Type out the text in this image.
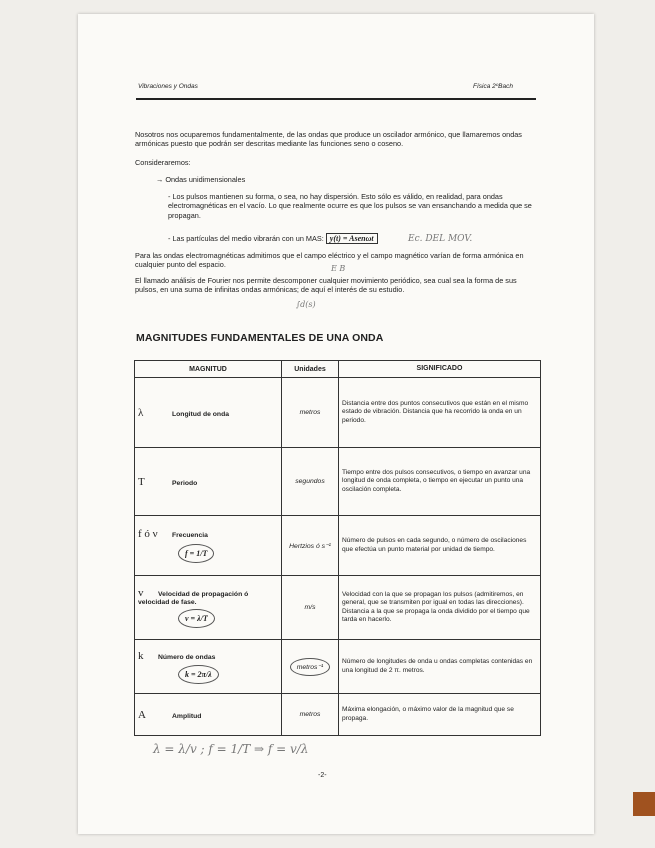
Vibraciones y Ondas	Física 2ºBach
Nosotros nos ocuparemos fundamentalmente, de las ondas que produce un oscilador armónico, que llamaremos ondas armónicas puesto que podrán ser descritas mediante las funciones seno o coseno.
Consideraremos:
→ Ondas unidimensionales
- Los pulsos mantienen su forma, o sea, no hay dispersión. Esto sólo es válido, en realidad, para ondas electromagnéticas en el vacío. Lo que realmente ocurre es que los pulsos se van ensanchando a medida que se propagan.
- Las partículas del medio vibrarán con un MAS: y(t) = Asenωt
Para las ondas electromagnéticas admitimos que el campo eléctrico y el campo magnético varían de forma armónica en cualquier punto del espacio.
El llamado análisis de Fourier nos permite descomponer cualquier movimiento periódico, sea cual sea la forma de sus pulsos, en una suma de infinitas ondas armónicas; de aquí el interés de su estudio.
Ec. DEL MOV.
E B
∫d(s)
MAGNITUDES FUNDAMENTALES DE UNA ONDA
MAGNITUD	Unidades	SIGNIFICADO
λ Longitud de onda	metros	Distancia entre dos puntos consecutivos que están en el mismo estado de vibración. Distancia que ha recorrido la onda en un periodo.
T Periodo	segundos	Tiempo entre dos pulsos consecutivos, o tiempo en avanzar una longitud de onda completa, o tiempo en ejecutar un punto una oscilación completa.
f ó ν Frecuencia
f = 1/T	Hertzios ó s⁻¹	Número de pulsos en cada segundo, o número de oscilaciones que efectúa un punto material por unidad de tiempo.
v Velocidad de propagación ó velocidad de fase.
v = λ/T	m/s	Velocidad con la que se propagan los pulsos (admitiremos, en general, que se transmiten por igual en todas las direcciones). Distancia a la que se propaga la onda dividido por el tiempo que tarda en hacerlo.
k Número de ondas
k = 2π/λ	metros⁻¹	Número de longitudes de onda u ondas completas contenidas en una longitud de 2 π. metros.
A Amplitud	metros	Máxima elongación, o máximo valor de la magnitud que se propaga.
λ = λ/v ; f = 1/T ⇒ f = v/λ
-2-
